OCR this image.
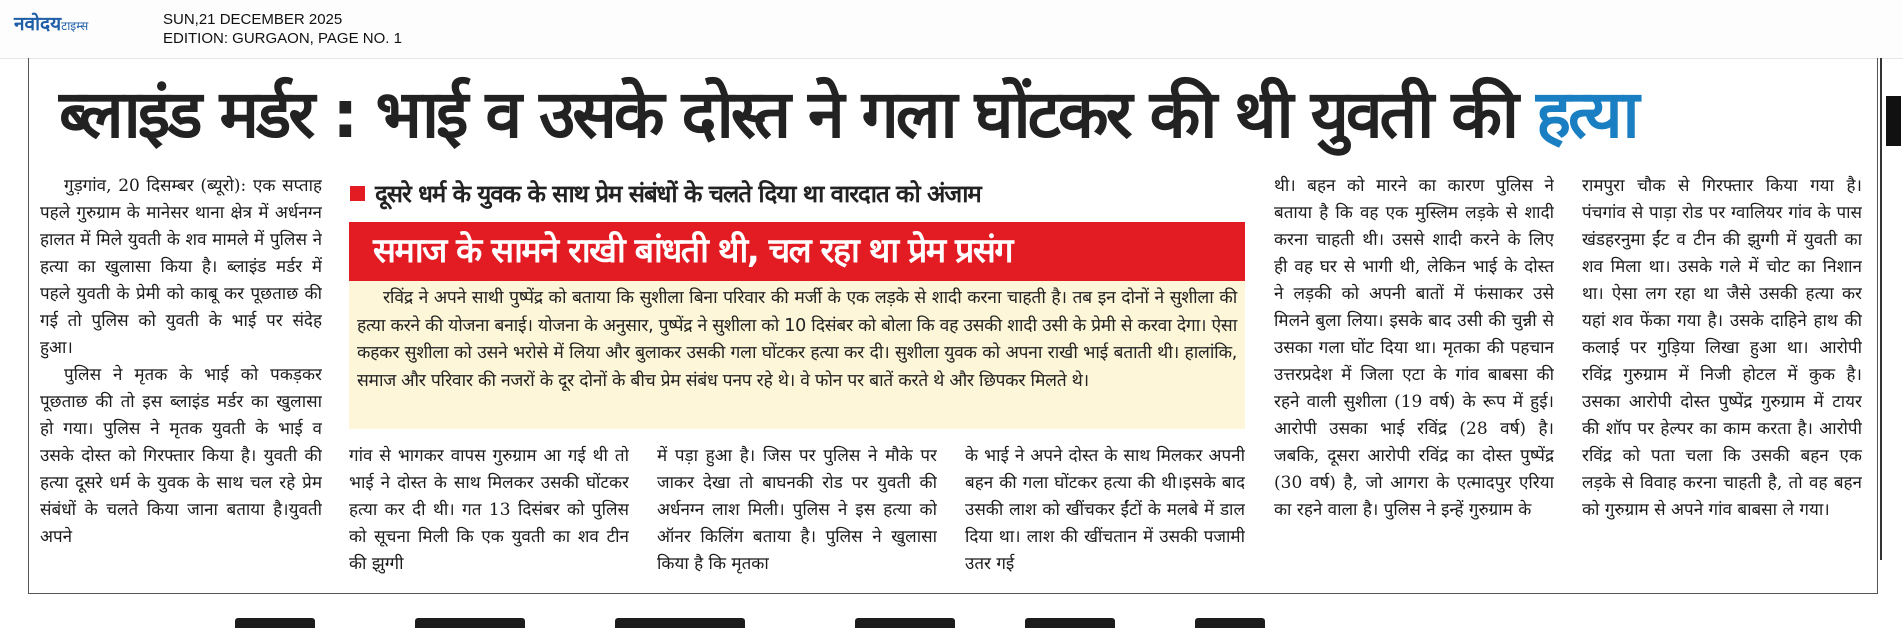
नवोदयटाइम्स	SUN,21 DECEMBER 2025
EDITION: GURGAON, PAGE NO. 1
ब्लाइंड मर्डर : भाई व उसके दोस्त ने गला घोंटकर की थी युवती की हत्या

गुड़गांव, 20 दिसम्बर (ब्यूरो): एक सप्ताह पहले गुरुग्राम के मानेसर थाना क्षेत्र में अर्धनग्न हालत में मिले युवती के शव मामले में पुलिस ने हत्या का खुलासा किया है। ब्लाइंड मर्डर में पहले युवती के प्रेमी को काबू कर पूछताछ की गई तो पुलिस को युवती के भाई पर संदेह हुआ।

पुलिस ने मृतक के भाई को पकड़कर पूछताछ की तो इस ब्लाइंड मर्डर का खुलासा हो गया। पुलिस ने मृतक युवती के भाई व उसके दोस्त को गिरफ्तार किया है। युवती की हत्या दूसरे धर्म के युवक के साथ चल रहे प्रेम संबंधों के चलते किया जाना बताया है।युवती अपने

दूसरे धर्म के युवक के साथ प्रेम संबंधों के चलते दिया था वारदात को अंजाम
समाज के सामने राखी बांधती थी, चल रहा था प्रेम प्रसंग

रविंद्र ने अपने साथी पुष्पेंद्र को बताया कि सुशीला बिना परिवार की मर्जी के एक लड़के से शादी करना चाहती है। तब इन दोनों ने सुशीला की हत्या करने की योजना बनाई। योजना के अनुसार, पुष्पेंद्र ने सुशीला को 10 दिसंबर को बोला कि वह उसकी शादी उसी के प्रेमी से करवा देगा। ऐसा कहकर सुशीला को उसने भरोसे में लिया और बुलाकर उसकी गला घोंटकर हत्या कर दी। सुशीला युवक को अपना राखी भाई बताती थी। हालांकि, समाज और परिवार की नजरों के दूर दोनों के बीच प्रेम संबंध पनप रहे थे। वे फोन पर बातें करते थे और छिपकर मिलते थे।

गांव से भागकर वापस गुरुग्राम आ गई थी तो भाई ने दोस्त के साथ मिलकर उसकी घोंटकर हत्या कर दी थी। गत 13 दिसंबर को पुलिस को सूचना मिली कि एक युवती का शव टीन की झुग्गी

में पड़ा हुआ है। जिस पर पुलिस ने मौके पर जाकर देखा तो बाघनकी रोड पर युवती की अर्धनग्न लाश मिली। पुलिस ने इस हत्या को ऑनर किलिंग बताया है। पुलिस ने खुलासा किया है कि मृतका

के भाई ने अपने दोस्त के साथ मिलकर अपनी बहन की गला घोंटकर हत्या की थी।इसके बाद उसकी लाश को खींचकर ईंटों के मलबे में डाल दिया था। लाश की खींचतान में उसकी पजामी उतर गई

थी। बहन को मारने का कारण पुलिस ने बताया है कि वह एक मुस्लिम लड़के से शादी करना चाहती थी। उससे शादी करने के लिए ही वह घर से भागी थी, लेकिन भाई के दोस्त ने लड़की को अपनी बातों में फंसाकर उसे मिलने बुला लिया। इसके बाद उसी की चुन्नी से उसका गला घोंट दिया था। मृतका की पहचान उत्तरप्रदेश में जिला एटा के गांव बाबसा की रहने वाली सुशीला (19 वर्ष) के रूप में हुई। आरोपी उसका भाई रविंद्र (28 वर्ष) है। जबकि, दूसरा आरोपी रविंद्र का दोस्त पुष्पेंद्र (30 वर्ष) है, जो आगरा के एत्मादपुर एरिया का रहने वाला है। पुलिस ने इन्हें गुरुग्राम के

रामपुरा चौक से गिरफ्तार किया गया है। पंचगांव से पाड़ा रोड पर ग्वालियर गांव के पास खंडहरनुमा ईंट व टीन की झुग्गी में युवती का शव मिला था। उसके गले में चोट का निशान था। ऐसा लग रहा था जैसे उसकी हत्या कर यहां शव फेंका गया है। उसके दाहिने हाथ की कलाई पर गुड़िया लिखा हुआ था। आरोपी रविंद्र गुरुग्राम में निजी होटल में कुक है। उसका आरोपी दोस्त पुष्पेंद्र गुरुग्राम में टायर की शॉप पर हेल्पर का काम करता है। आरोपी रविंद्र को पता चला कि उसकी बहन एक लड़के से विवाह करना चाहती है, तो वह बहन को गुरुग्राम से अपने गांव बाबसा ले गया।
